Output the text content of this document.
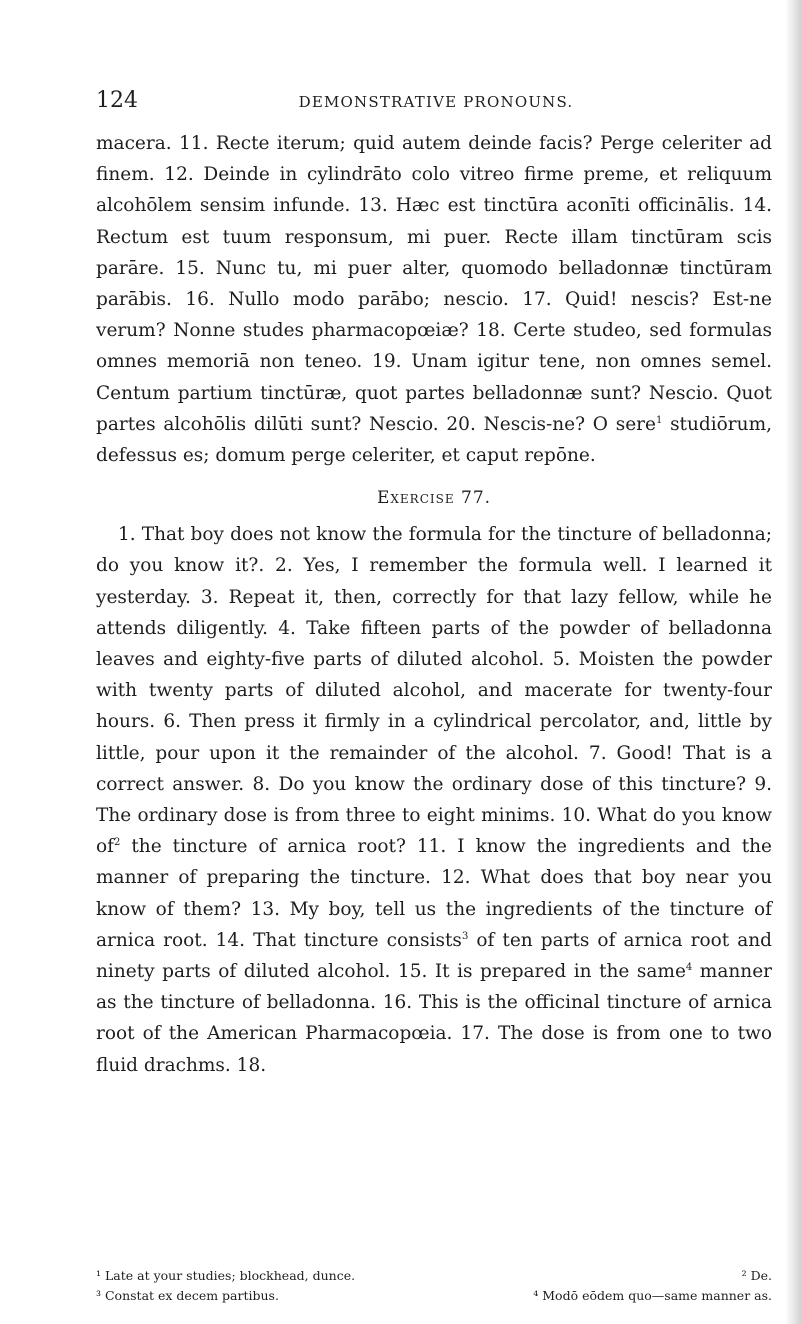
124	DEMONSTRATIVE PRONOUNS.

macera. 11. Recte iterum; quid autem deinde facis? Perge celeriter ad finem. 12. Deinde in cylindrāto colo vitreo firme preme, et reliquum alcohōlem sensim infunde. 13. Hæc est tinctūra aconīti officinālis. 14. Rectum est tuum responsum, mi puer. Recte illam tinctūram scis parāre. 15. Nunc tu, mi puer alter, quomodo belladonnæ tinctūram parābis. 16. Nullo modo parābo; nescio. 17. Quid! nescis? Est-ne verum? Nonne studes pharmacopœiæ? 18. Certe studeo, sed formulas omnes memoriā non teneo. 19. Unam igitur tene, non omnes semel. Centum partium tinctūræ, quot partes belladonnæ sunt? Nescio. Quot partes alcohōlis dilūti sunt? Nescio. 20. Nescis-ne? O sere$^1$ studiōrum, defessus es; domum perge celeriter, et caput repōne.

Exercise 77.

1. That boy does not know the formula for the tincture of belladonna; do you know it?. 2. Yes, I remember the formula well. I learned it yesterday. 3. Repeat it, then, correctly for that lazy fellow, while he attends diligently. 4. Take fifteen parts of the powder of belladonna leaves and eighty-five parts of diluted alcohol. 5. Moisten the powder with twenty parts of diluted alcohol, and macerate for twenty-four hours. 6. Then press it firmly in a cylindrical percolator, and, little by little, pour upon it the remainder of the alcohol. 7. Good! That is a correct answer. 8. Do you know the ordinary dose of this tincture? 9. The ordinary dose is from three to eight minims. 10. What do you know $of^2$ the tincture of arnica root? 11. I know the ingredients and the manner of preparing the tincture. 12. What does that boy near you know of them? 13. My boy, tell us the ingredients of the tincture of arnica root. 14. That tincture consists$^3$ of ten parts of arnica root and ninety parts of diluted alcohol. 15. It is prepared in the same$^4$ manner as the tincture of belladonna. 16. This is the officinal tincture of arnica root of the American Pharmacopœia. 17. The dose is from one to two fluid drachms. 18.

¹ Late at your studies; blockhead, dunce.	² De.
³ Constat ex decem partibus.	⁴ Modō eōdem quo—same manner as.
